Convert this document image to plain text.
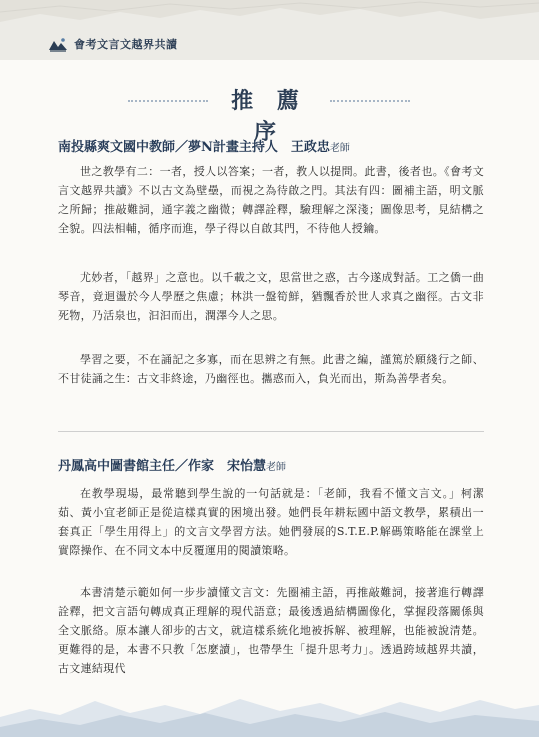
會考文言文越界共讀
推 薦 序
南投縣爽文國中教師／夢N計畫主持人　王政忠老師

世之教學有二：一者，授人以答案；一者，教人以提問。此書，後者也。《會考文言文越界共讀》不以古文為壁壘，而視之為待啟之門。其法有四：圖補主語，明文脈之所歸；推敲難詞，通字義之幽微；轉譯詮釋，驗理解之深淺；圖像思考，見結構之全貌。四法相輔，循序而進，學子得以自啟其門，不待他人授鑰。

尤妙者，「越界」之意也。以千載之文，思當世之惑，古今遂成對話。工之僑一曲琴音，竟迴盪於今人學歷之焦慮；林洪一盤筍鮮，猶飄香於世人求真之幽徑。古文非死物，乃活泉也，汩汩而出，潤澤今人之思。

學習之要，不在誦記之多寡，而在思辨之有無。此書之編，謹篤於願綫行之師、不甘徒誦之生：古文非終途，乃幽徑也。攜惑而入，負光而出，斯為善學者矣。

丹鳳高中圖書館主任／作家　宋怡慧老師

在教學現場，最常聽到學生說的一句話就是：「老師，我看不懂文言文。」柯潔茹、黃小宜老師正是從這樣真實的困境出發。她們長年耕耘國中語文教學，累積出一套真正「學生用得上」的文言文學習方法。她們發展的S.T.E.P.解碼策略能在課堂上實際操作、在不同文本中反覆運用的閱讀策略。

本書清楚示範如何一步步讀懂文言文：先圈補主語，再推敲難詞，接著進行轉譯詮釋，把文言語句轉成真正理解的現代語意；最後透過結構圖像化，掌握段落關係與全文脈絡。原本讓人卻步的古文，就這樣系統化地被拆解、被理解，也能被說清楚。更難得的是，本書不只教「怎麼讀」，也帶學生「提升思考力」。透過跨域越界共讀，古文連結現代
